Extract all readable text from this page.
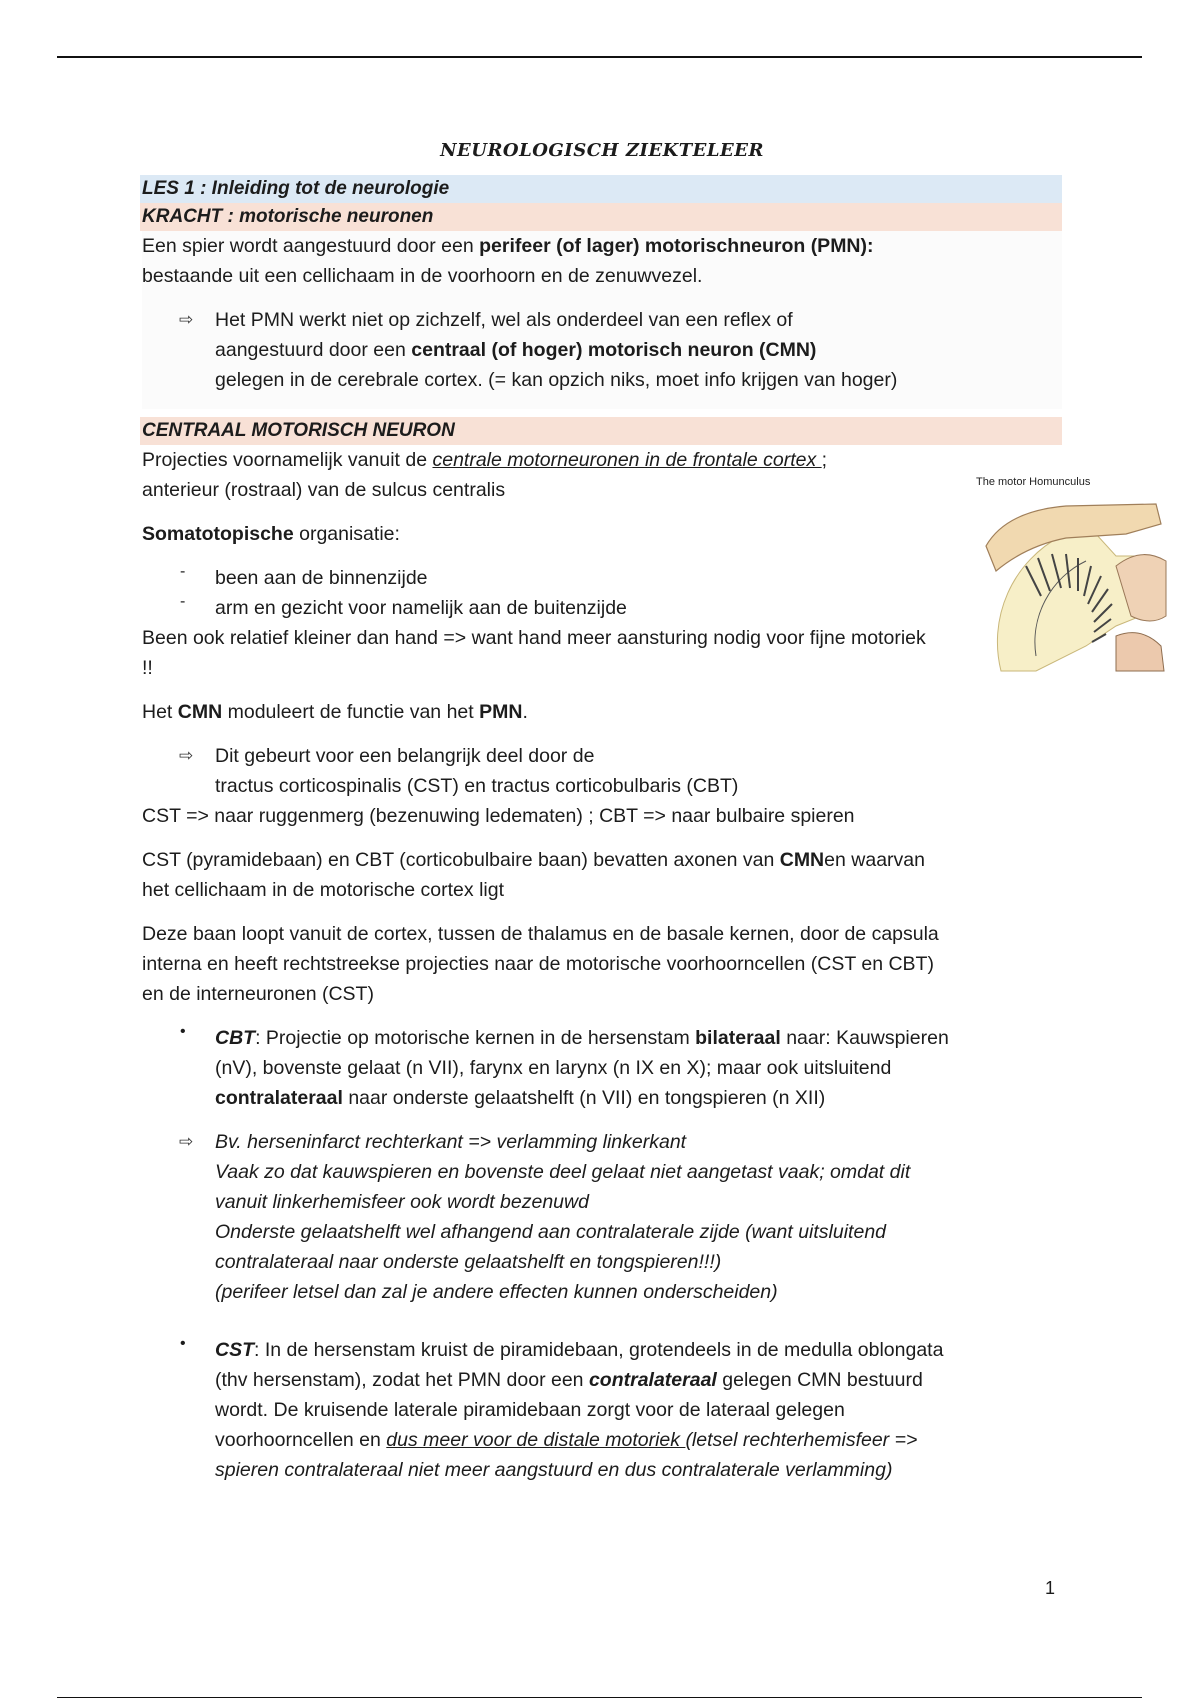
NEUROLOGISCH ZIEKTELEER
LES 1 : Inleiding tot de neurologie
KRACHT : motorische neuronen

Een spier wordt aangestuurd door een perifeer (of lager) motorischneuron (PMN):

bestaande uit een cellichaam in de voorhoorn en de zenuwvezel.

⇨ Het PMN werkt niet op zichzelf, wel als onderdeel van een reflex of

aangestuurd door een centraal (of hoger) motorisch neuron (CMN)

gelegen in de cerebrale cortex. (= kan opzich niks, moet info krijgen van hoger)

CENTRAAL MOTORISCH NEURON

Projecties voornamelijk vanuit de centrale motorneuronen in de frontale cortex ;

anterieur (rostraal) van de sulcus centralis

Somatotopische organisatie:

- been aan de binnenzijde

- arm en gezicht voor namelijk aan de buitenzijde

Been ook relatief kleiner dan hand => want hand meer aansturing nodig voor fijne motoriek

!!

Het CMN moduleert de functie van het PMN.

⇨ Dit gebeurt voor een belangrijk deel door de

tractus corticospinalis (CST) en tractus corticobulbaris (CBT)

CST => naar ruggenmerg (bezenuwing ledematen) ; CBT => naar bulbaire spieren

CST (pyramidebaan) en CBT (corticobulbaire baan) bevatten axonen van CMNen waarvan

het cellichaam in de motorische cortex ligt

Deze baan loopt vanuit de cortex, tussen de thalamus en de basale kernen, door de capsula

interna en heeft rechtstreekse projecties naar de motorische voorhoorncellen (CST en CBT)

en de interneuronen (CST)

• CBT: Projectie op motorische kernen in de hersenstam bilateraal naar: Kauwspieren

(nV), bovenste gelaat (n VII), farynx en larynx (n IX en X); maar ook uitsluitend

contralateraal naar onderste gelaatshelft (n VII) en tongspieren (n XII)

⇨ Bv. herseninfarct rechterkant => verlamming linkerkant

Vaak zo dat kauwspieren en bovenste deel gelaat niet aangetast vaak; omdat dit

vanuit linkerhemisfeer ook wordt bezenuwd

Onderste gelaatshelft wel afhangend aan contralaterale zijde (want uitsluitend

contralateraal naar onderste gelaatshelft en tongspieren!!!)

(perifeer letsel dan zal je andere effecten kunnen onderscheiden)

• CST: In de hersenstam kruist de piramidebaan, grotendeels in de medulla oblongata

(thv hersenstam), zodat het PMN door een contralateraal gelegen CMN bestuurd

wordt. De kruisende laterale piramidebaan zorgt voor de lateraal gelegen

voorhoorncellen en dus meer voor de distale motoriek (letsel rechterhemisfeer =>

spieren contralateraal niet meer aangstuurd en dus contralaterale verlamming)

The motor Homunculus
1
